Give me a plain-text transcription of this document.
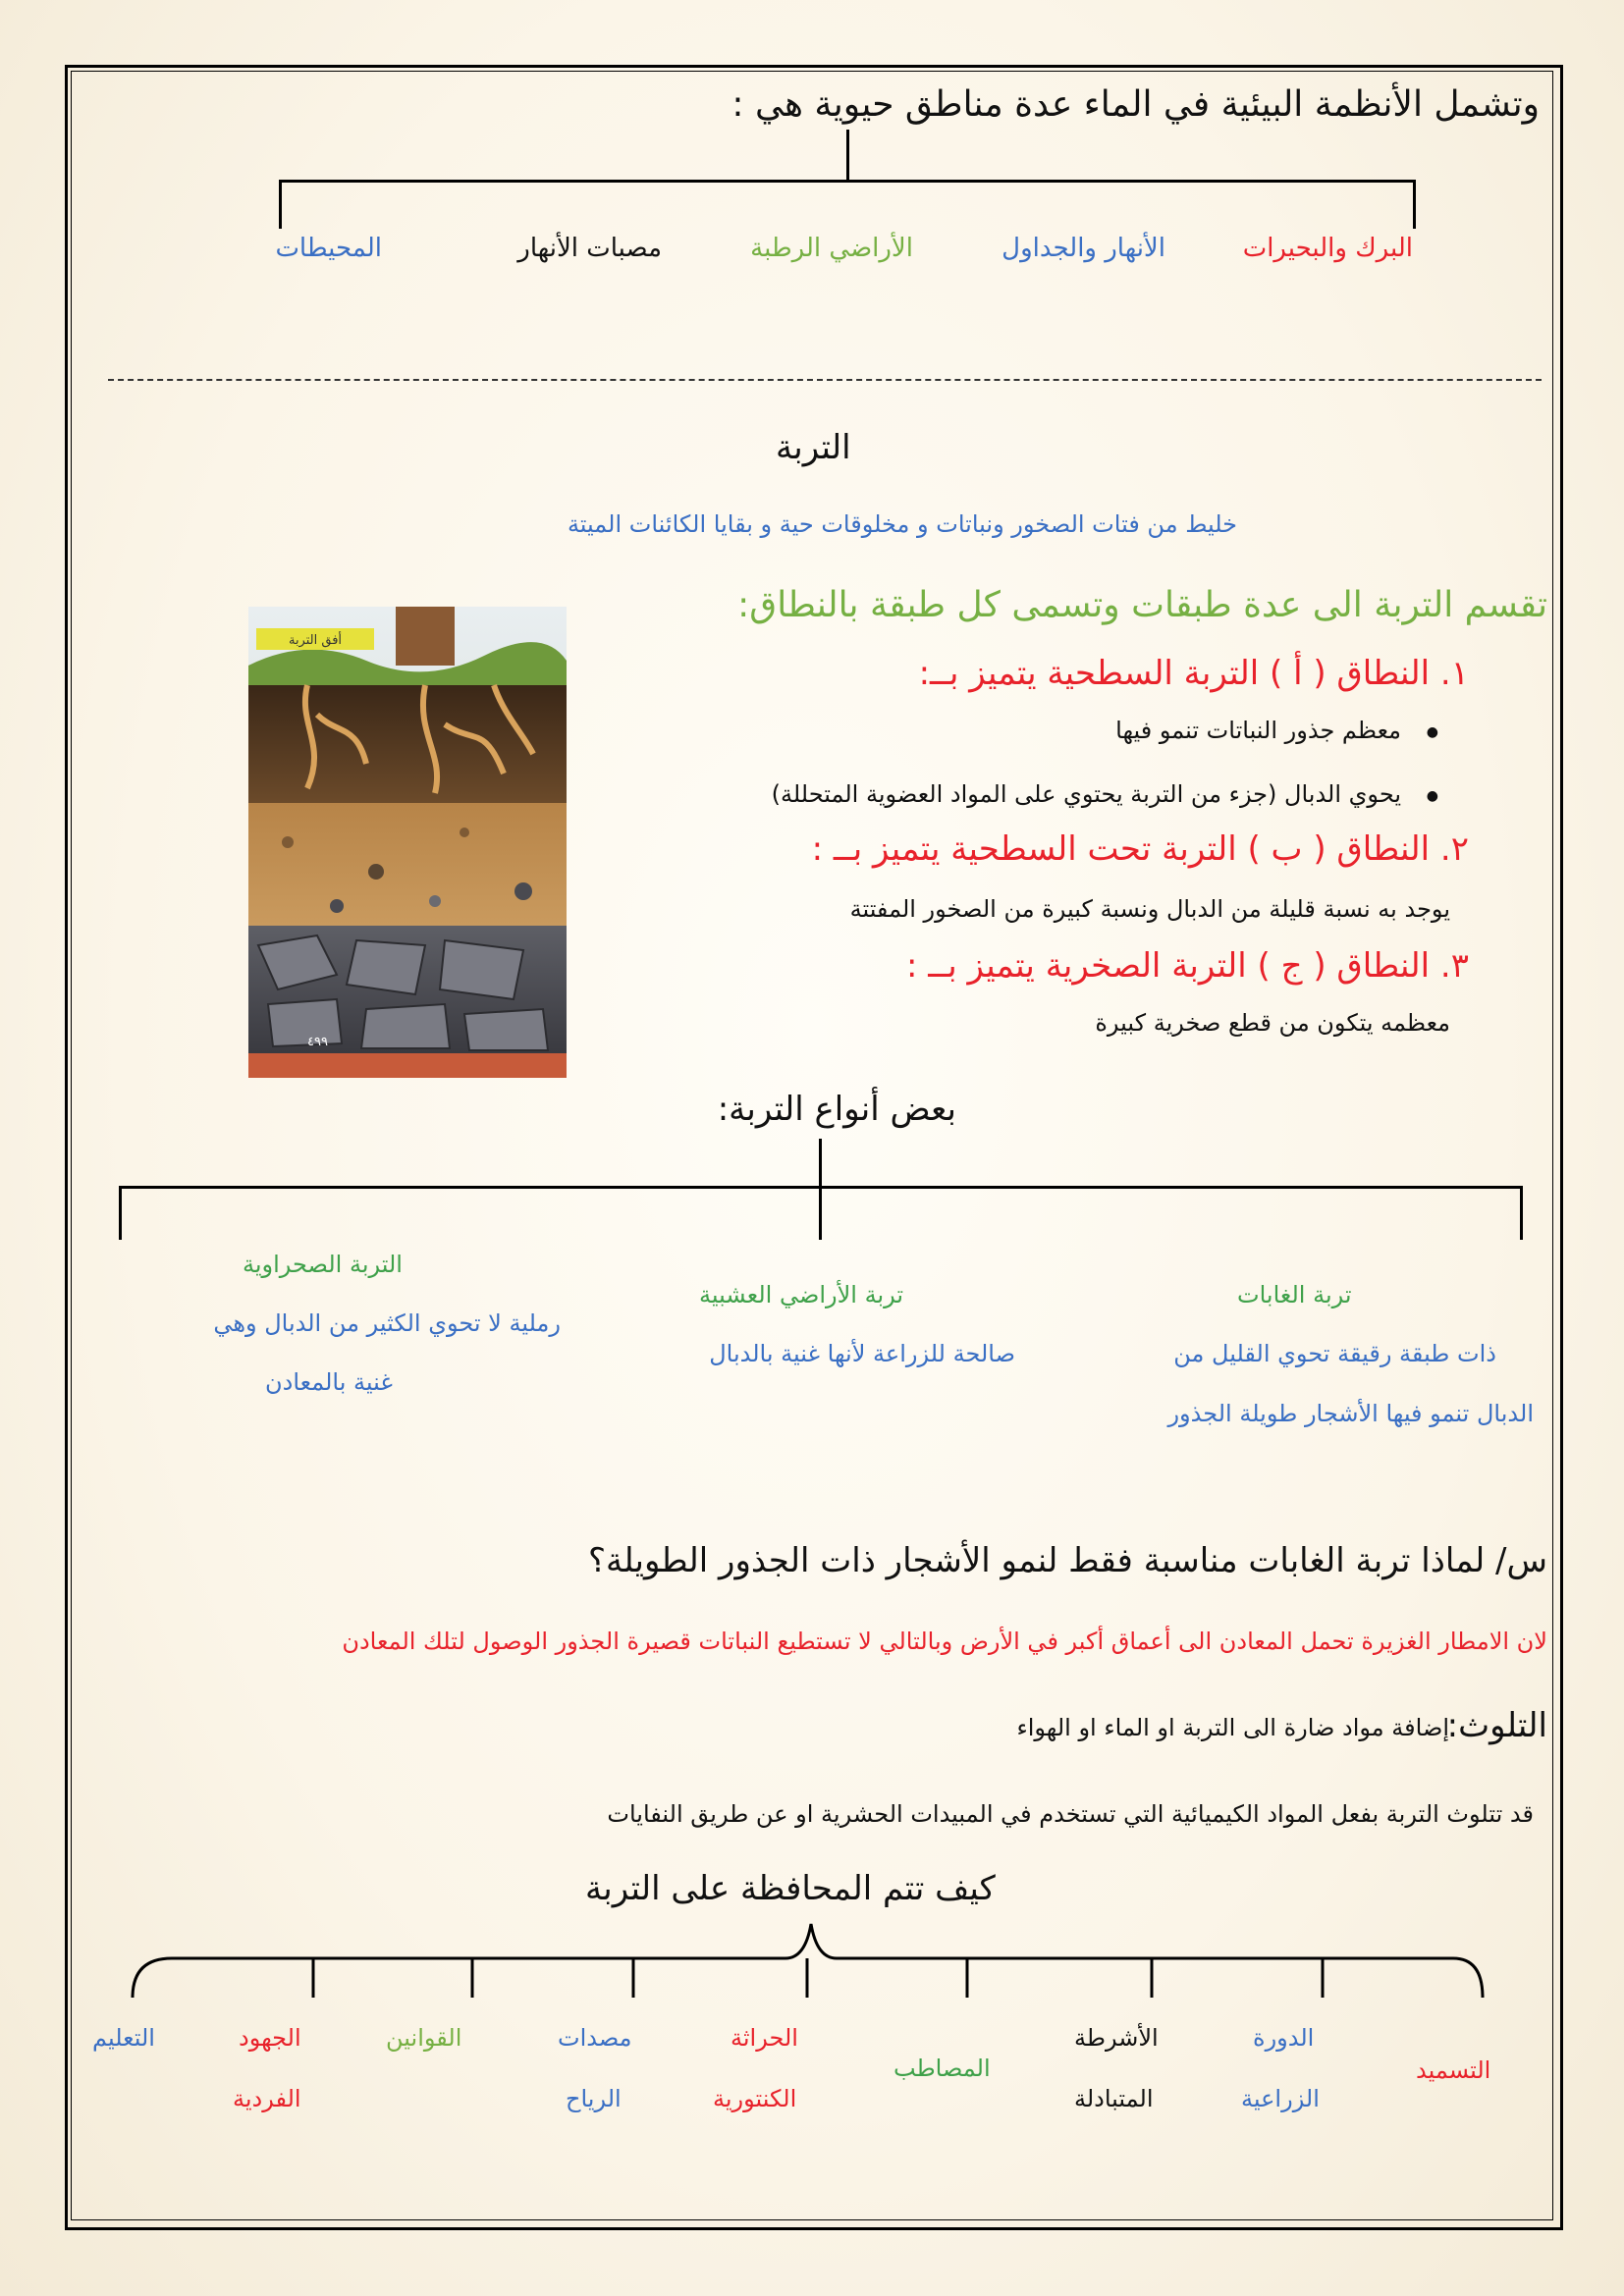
وتشمل الأنظمة البيئية في الماء عدة مناطق حيوية هي :
البرك والبحيرات
الأنهار والجداول
الأراضي الرطبة
مصبات الأنهار
المحيطات
التربة
خليط من فتات الصخور ونباتات و مخلوقات حية و بقايا الكائنات الميتة
تقسم التربة الى عدة طبقات وتسمى كل طبقة بالنطاق:
أفق التربة
٤٩٩
١. النطاق ( أ ) التربة السطحية يتميز بــ:
● معظم جذور النباتات تنمو فيها
● يحوي الدبال (جزء من التربة يحتوي على المواد العضوية المتحللة)
٢. النطاق ( ب ) التربة تحت السطحية يتميز بــ :
يوجد به نسبة قليلة من الدبال ونسبة كبيرة من الصخور المفتتة
٣. النطاق ( ج ) التربة الصخرية يتميز بــ :
معظمه يتكون من قطع صخرية كبيرة
بعض أنواع التربة:
تربة الغابات
ذات طبقة رقيقة تحوي القليل من
الدبال تنمو فيها الأشجار طويلة الجذور
تربة الأراضي العشبية
صالحة للزراعة لأنها غنية بالدبال
التربة الصحراوية
رملية لا تحوي الكثير من الدبال وهي
غنية بالمعادن
س/ لماذا تربة الغابات مناسبة فقط لنمو الأشجار ذات الجذور الطويلة؟
لان الامطار الغزيرة تحمل المعادن الى أعماق أكبر في الأرض وبالتالي لا تستطيع النباتات قصيرة الجذور الوصول لتلك المعادن
التلوث:
إضافة مواد ضارة الى التربة او الماء او الهواء
قد تتلوث التربة بفعل المواد الكيميائية التي تستخدم في المبيدات الحشرية او عن طريق النفايات
كيف تتم المحافظة على التربة
التسميد
الدورة
الزراعية
الأشرطة
المتبادلة
المصاطب
الحراثة
الكنتورية
مصدات
الرياح
القوانين
الجهود
الفردية
التعليم
